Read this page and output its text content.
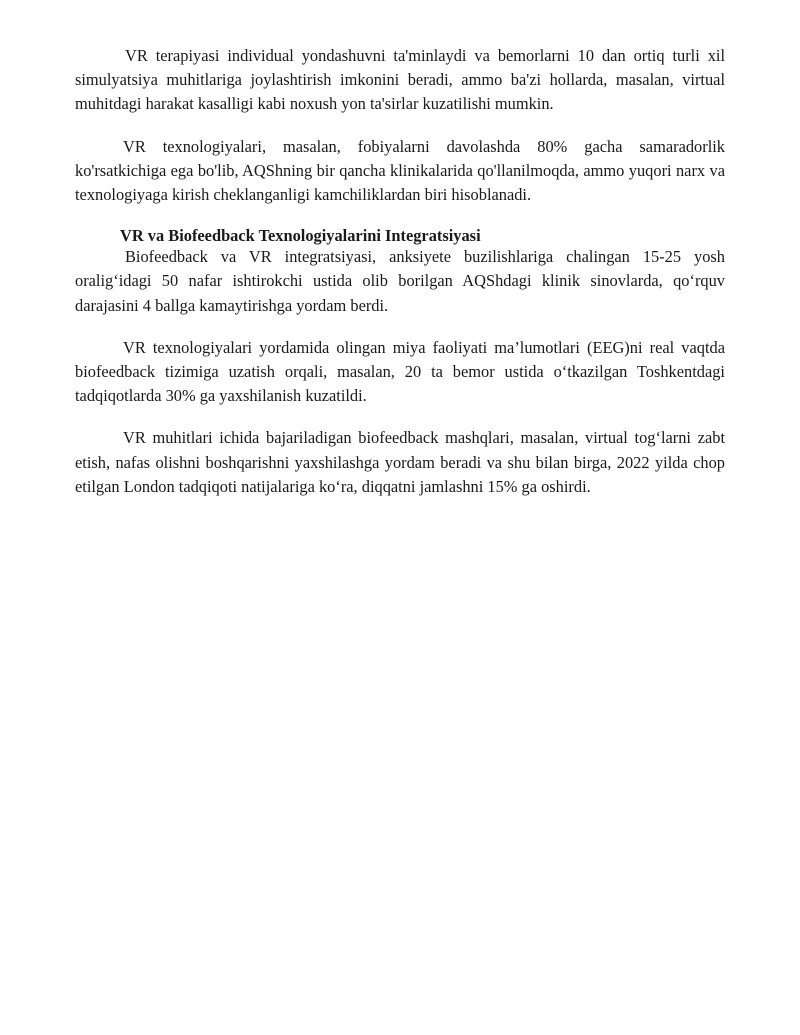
VR terapiyasi individual yondashuvni ta'minlaydi va bemorlarni 10 dan ortiq turli xil simulyatsiya muhitlariga joylashtirish imkonini beradi, ammo ba'zi hollarda, masalan, virtual muhitdagi harakat kasalligi kabi noxush yon ta'sirlar kuzatilishi mumkin.

VR texnologiyalari, masalan, fobiyalarni davolashda 80% gacha samaradorlik ko'rsatkichiga ega bo'lib, AQShning bir qancha klinikalarida qo'llanilmoqda, ammo yuqori narx va texnologiyaga kirish cheklanganligi kamchiliklardan biri hisoblanadi.

VR va Biofeedback Texnologiyalarini Integratsiyasi

Biofeedback va VR integratsiyasi, anksiyete buzilishlariga chalingan 15-25 yosh oralig‘idagi 50 nafar ishtirokchi ustida olib borilgan AQShdagi klinik sinovlarda, qo‘rquv darajasini 4 ballga kamaytirishga yordam berdi.

VR texnologiyalari yordamida olingan miya faoliyati ma’lumotlari (EEG)ni real vaqtda biofeedback tizimiga uzatish orqali, masalan, 20 ta bemor ustida o‘tkazilgan Toshkentdagi tadqiqotlarda 30% ga yaxshilanish kuzatildi.

VR muhitlari ichida bajariladigan biofeedback mashqlari, masalan, virtual tog‘larni zabt etish, nafas olishni boshqarishni yaxshilashga yordam beradi va shu bilan birga, 2022 yilda chop etilgan London tadqiqoti natijalariga ko‘ra, diqqatni jamlashni 15% ga oshirdi.
